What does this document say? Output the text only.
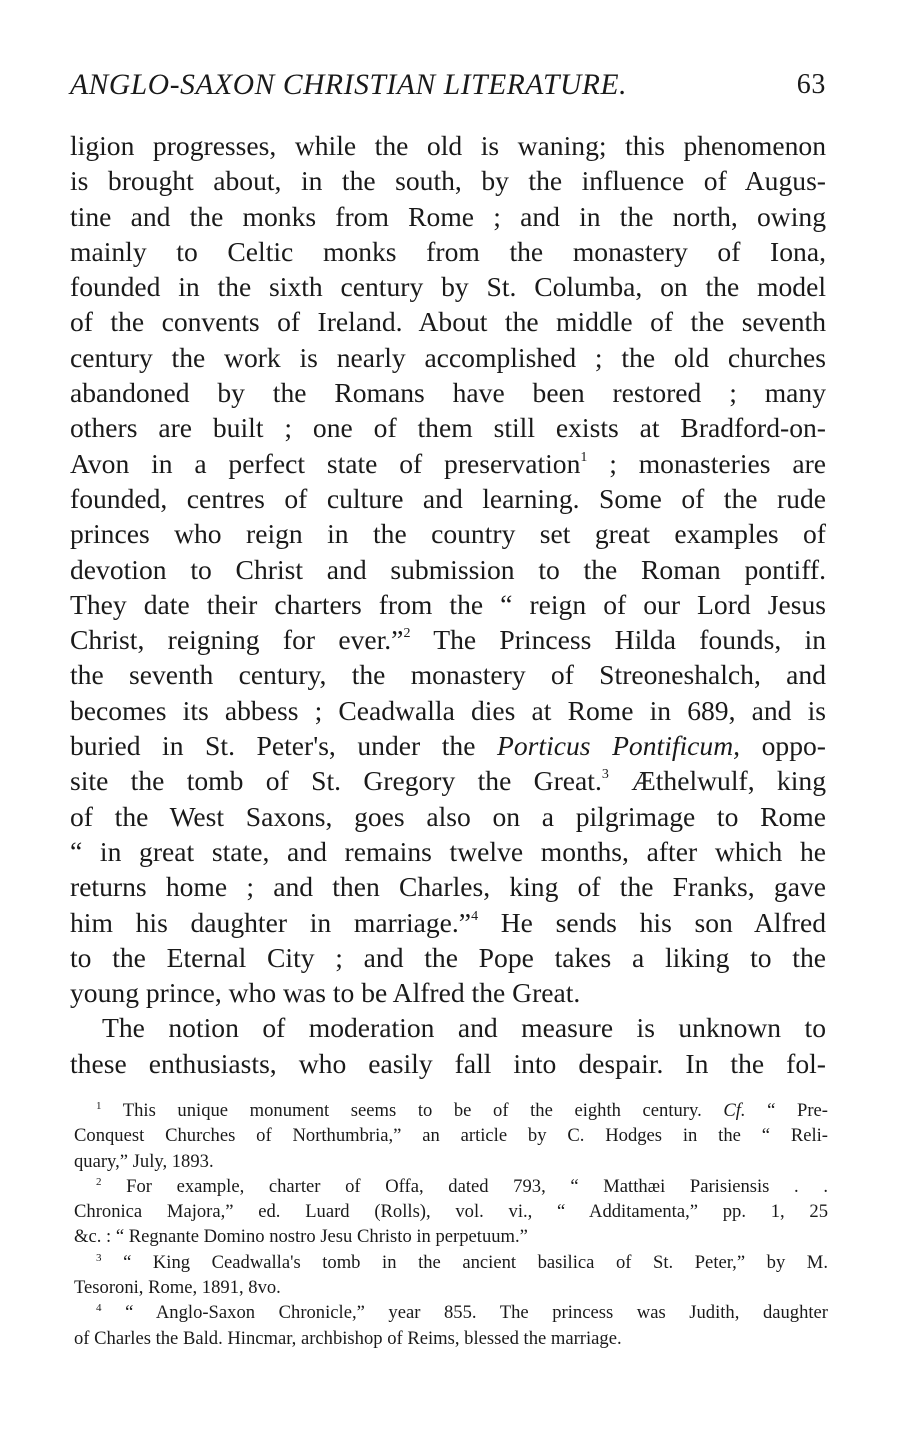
ANGLO-SAXON CHRISTIAN LITERATURE.	63
ligion progresses, while the old is waning; this phenomenon
is brought about, in the south, by the influence of Augus-
tine and the monks from Rome ; and in the north, owing
mainly to Celtic monks from the monastery of Iona,
founded in the sixth century by St. Columba, on the model
of the convents of Ireland. About the middle of the seventh
century the work is nearly accomplished ; the old churches
abandoned by the Romans have been restored ; many
others are built ; one of them still exists at Bradford-on-
Avon in a perfect state of preservation$^1$ ; monasteries are
founded, centres of culture and learning. Some of the rude
princes who reign in the country set great examples of
devotion to Christ and submission to the Roman pontiff.
They date their charters from the “ reign of our Lord Jesus
Christ, reigning for ever.”$^2$ The Princess Hilda founds, in
the seventh century, the monastery of Streoneshalch, and
becomes its abbess ; Ceadwalla dies at Rome in 689, and is
buried in St. Peter's, under the Porticus Pontificum, oppo-
site the tomb of St. Gregory the Great.$^3$ Æthelwulf, king
of the West Saxons, goes also on a pilgrimage to Rome
“ in great state, and remains twelve months, after which he
returns home ; and then Charles, king of the Franks, gave
him his daughter in marriage.”$^4$ He sends his son Alfred
to the Eternal City ; and the Pope takes a liking to the
young prince, who was to be Alfred the Great.
The notion of moderation and measure is unknown to
these enthusiasts, who easily fall into despair. In the fol-
$^1$ This unique monument seems to be of the eighth century. Cf. “ Pre-
Conquest Churches of Northumbria,” an article by C. Hodges in the “ Reli-
quary,” July, 1893.
$^2$ For example, charter of Offa, dated 793, “ Matthæi Parisiensis . .
Chronica Majora,” ed. Luard (Rolls), vol. vi., “ Additamenta,” pp. 1, 25
&c. : “ Regnante Domino nostro Jesu Christo in perpetuum.”
$^3$ “ King Ceadwalla's tomb in the ancient basilica of St. Peter,” by M.
Tesoroni, Rome, 1891, 8vo.
$^4$ “ Anglo-Saxon Chronicle,” year 855. The princess was Judith, daughter
of Charles the Bald. Hincmar, archbishop of Reims, blessed the marriage.
